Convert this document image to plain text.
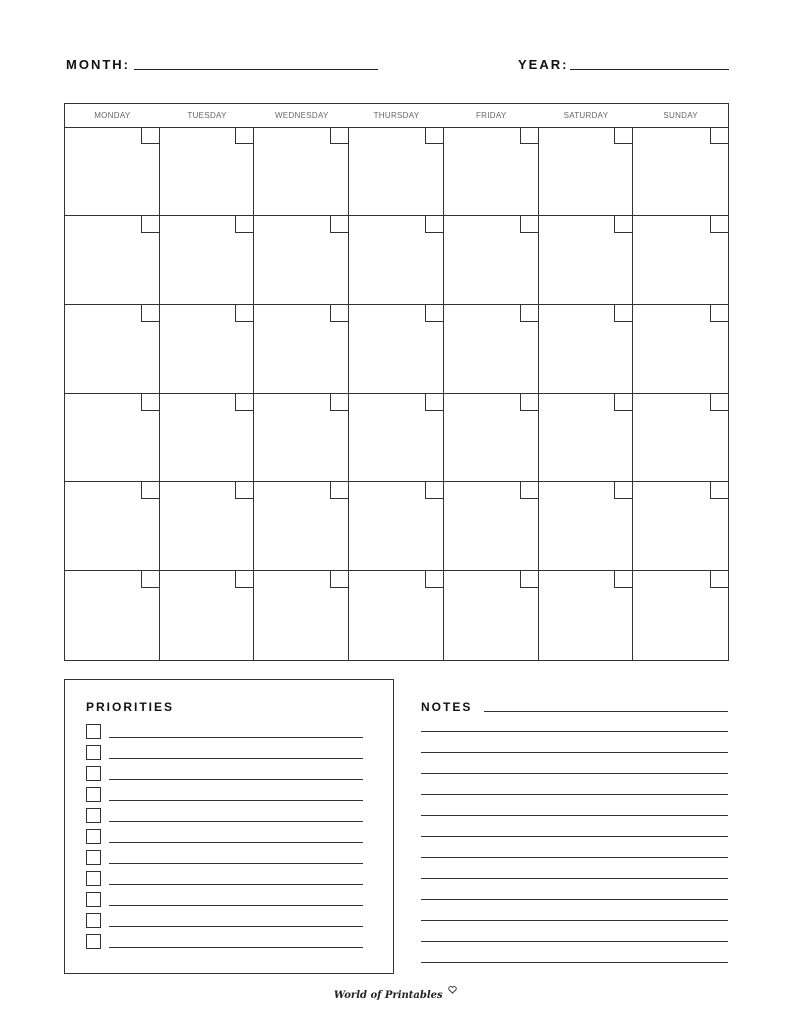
MONTH:	YEAR:
MONDAY	TUESDAY	WEDNESDAY	THURSDAY	FRIDAY	SATURDAY	SUNDAY
PRIORITIES	NOTES
World of Printables
